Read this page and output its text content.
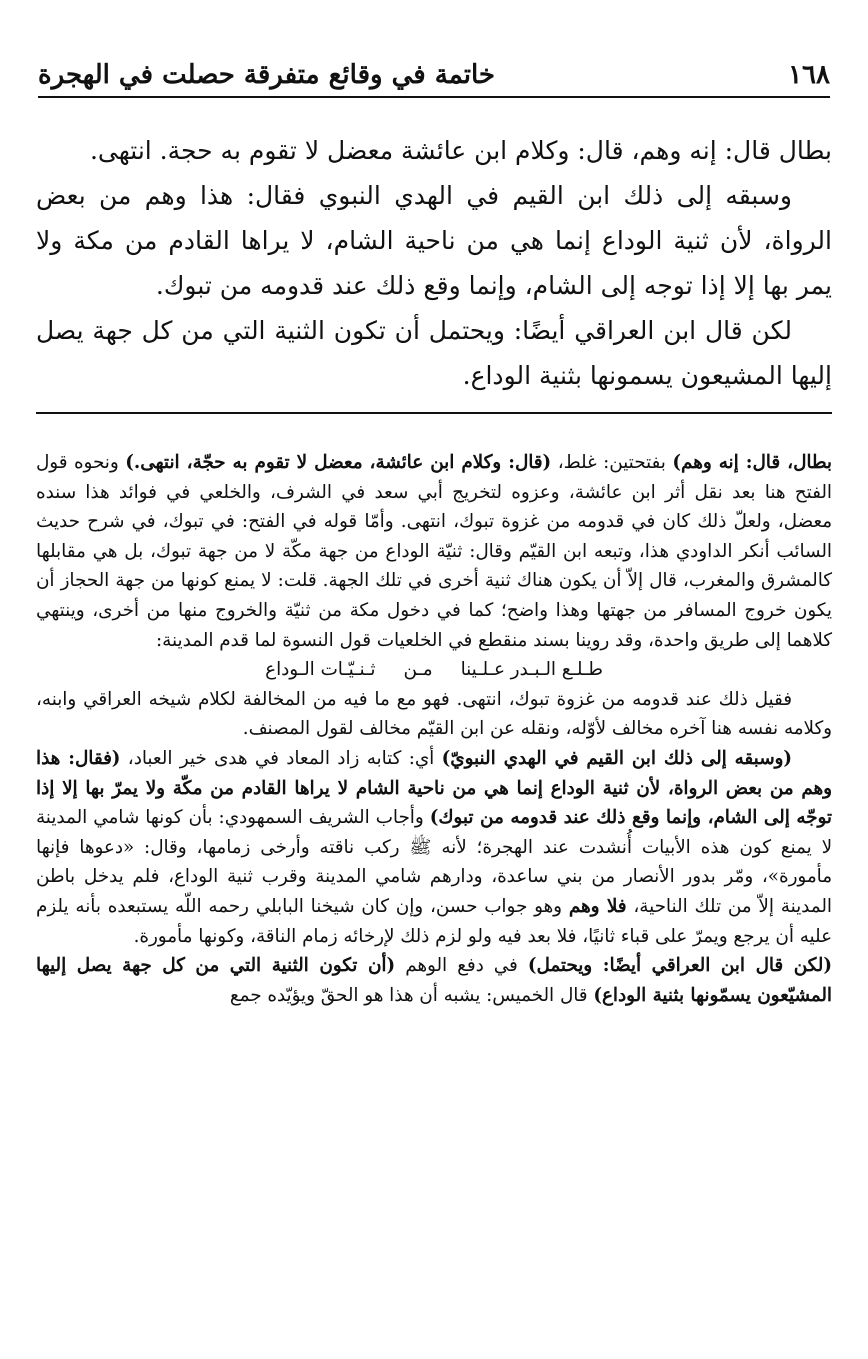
١٦٨
خاتمة في وقائع متفرقة حصلت في الهجرة

بطال قال: إنه وهم، قال: وكلام ابن عائشة معضل لا تقوم به حجة. انتهى.

وسبقه إلى ذلك ابن القيم في الهدي النبوي فقال: هذا وهم من بعض الرواة، لأن ثنية الوداع إنما هي من ناحية الشام، لا يراها القادم من مكة ولا يمر بها إلا إذا توجه إلى الشام، وإنما وقع ذلك عند قدومه من تبوك.

لكن قال ابن العراقي أيضًا: ويحتمل أن تكون الثنية التي من كل جهة يصل إليها المشيعون يسمونها بثنية الوداع.

بطال، قال: إنه وهم) بفتحتين: غلط، (قال: وكلام ابن عائشة، معضل لا تقوم به حجّة، انتهى.) ونحوه قول الفتح هنا بعد نقل أثر ابن عائشة، وعزوه لتخريج أبي سعد في الشرف، والخلعي في فوائد هذا سنده معضل، ولعلّ ذلك كان في قدومه من غزوة تبوك، انتهى. وأمّا قوله في الفتح: في تبوك، في شرح حديث السائب أنكر الداودي هذا، وتبعه ابن القيّم وقال: ثنيّة الوداع من جهة مكّة لا من جهة تبوك، بل هي مقابلها كالمشرق والمغرب، قال إلاّ أن يكون هناك ثنية أخرى في تلك الجهة. قلت: لا يمنع كونها من جهة الحجاز أن يكون خروج المسافر من جهتها وهذا واضح؛ كما في دخول مكة من ثنيّة والخروج منها من أخرى، وينتهي كلاهما إلى طريق واحدة، وقد روينا بسند منقطع في الخلعيات قول النسوة لما قدم المدينة:

طـلـع الـبـدر عـلـينامـنثـنـيّـات الـوداع

فقيل ذلك عند قدومه من غزوة تبوك، انتهى. فهو مع ما فيه من المخالفة لكلام شيخه العراقي وابنه، وكلامه نفسه هنا آخره مخالف لأوّله، ونقله عن ابن القيّم مخالف لقول المصنف.

(وسبقه إلى ذلك ابن القيم في الهدي النبويّ) أي: كتابه زاد المعاد في هدى خير العباد، (فقال: هذا وهم من بعض الرواة، لأن ثنية الوداع إنما هي من ناحية الشام لا يراها القادم من مكّة ولا يمرّ بها إلا إذا توجّه إلى الشام، وإنما وقع ذلك عند قدومه من تبوك) وأجاب الشريف السمهودي: بأن كونها شامي المدينة لا يمنع كون هذه الأبيات أُنشدت عند الهجرة؛ لأنه ﷺ ركب ناقته وأرخى زمامها، وقال: «دعوها فإنها مأمورة»، ومّر بدور الأنصار من بني ساعدة، ودارهم شامي المدينة وقرب ثنية الوداع، فلم يدخل باطن المدينة إلاّ من تلك الناحية، فلا وهم وهو جواب حسن، وإن كان شيخنا البابلي رحمه اللّه يستبعده بأنه يلزم عليه أن يرجع ويمرّ على قباء ثانيًا، فلا بعد فيه ولو لزم ذلك لإرخائه زمام الناقة، وكونها مأمورة.

(لكن قال ابن العراقي أيضًا: ويحتمل) في دفع الوهم (أن تكون الثنية التي من كل جهة يصل إليها المشيّعون يسمّونها بثنية الوداع) قال الخميس: يشبه أن هذا هو الحقّ ويؤيّده جمع
